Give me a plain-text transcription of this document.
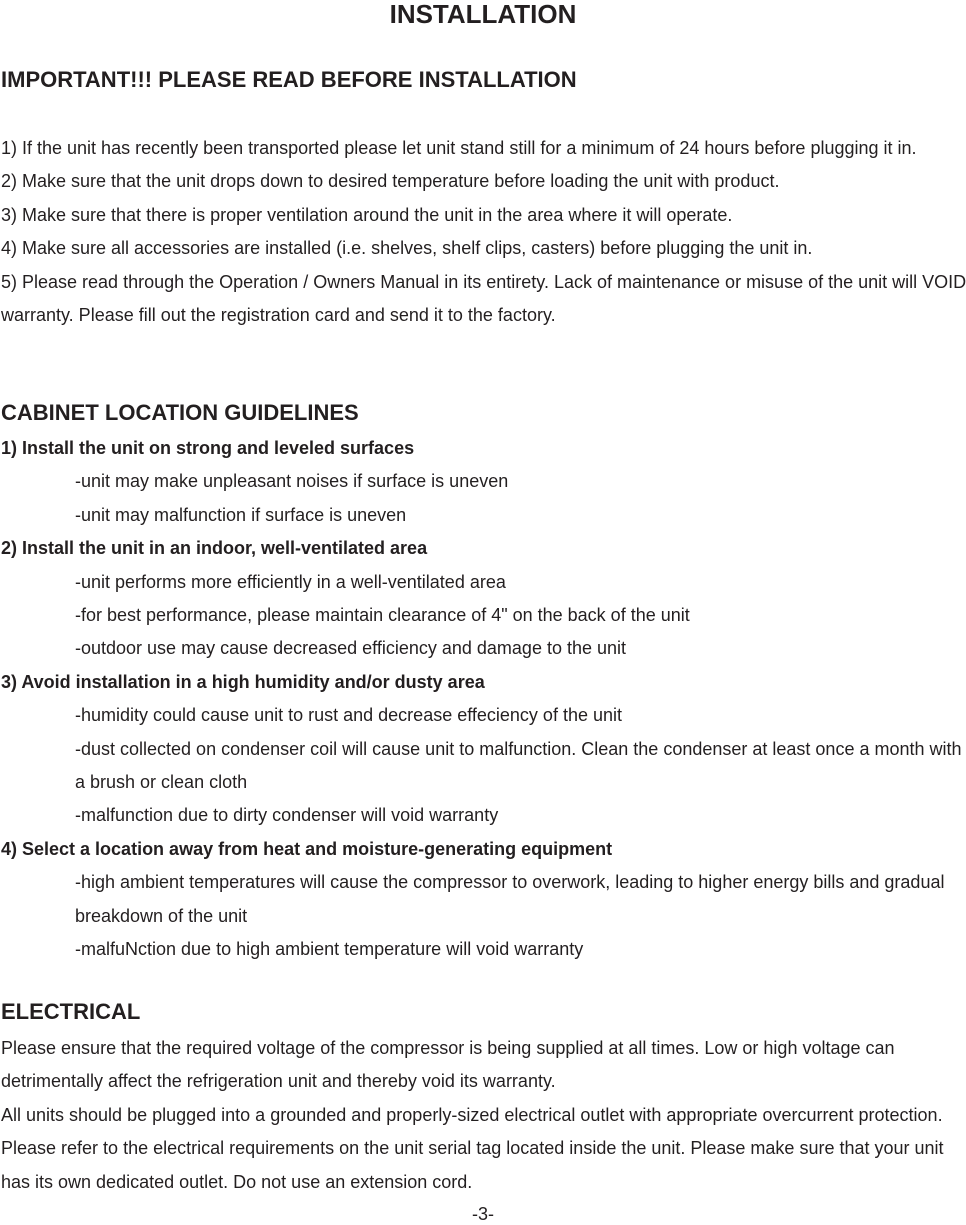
INSTALLATION
IMPORTANT!!! PLEASE READ BEFORE INSTALLATION

1) If the unit has recently been transported please let unit stand still for a minimum of 24 hours before plugging it in.

2) Make sure that the unit drops down to desired temperature before loading the unit with product.

3) Make sure that there is proper ventilation around the unit in the area where it will operate.

4) Make sure all accessories are installed (i.e. shelves, shelf clips, casters) before plugging the unit in.

5) Please read through the Operation / Owners Manual in its entirety. Lack of maintenance or misuse of the unit will VOID warranty. Please fill out the registration card and send it to the factory.

CABINET LOCATION GUIDELINES

1) Install the unit on strong and leveled surfaces

-unit may make unpleasant noises if surface is uneven

-unit may malfunction if surface is uneven

2) Install the unit in an indoor, well-ventilated area

-unit performs more efficiently in a well-ventilated area

-for best performance, please maintain clearance of 4" on the back of the unit

-outdoor use may cause decreased efficiency and damage to the unit

3) Avoid installation in a high humidity and/or dusty area

-humidity could cause unit to rust and decrease effeciency of the unit

-dust collected on condenser coil will cause unit to malfunction. Clean the condenser at least once a month with a brush or clean cloth

-malfunction due to dirty condenser will void warranty

4) Select a location away from heat and moisture-generating equipment

-high ambient temperatures will cause the compressor to overwork, leading to higher energy bills and gradual breakdown of the unit

-malfuNction due to high ambient temperature will void warranty

ELECTRICAL

Please ensure that the required voltage of the compressor is being supplied at all times. Low or high voltage can detrimentally affect the refrigeration unit and thereby void its warranty.

All units should be plugged into a grounded and properly-sized electrical outlet with appropriate overcurrent protection. Please refer to the electrical requirements on the unit serial tag located inside the unit. Please make sure that your unit has its own dedicated outlet. Do not use an extension cord.

-3-
